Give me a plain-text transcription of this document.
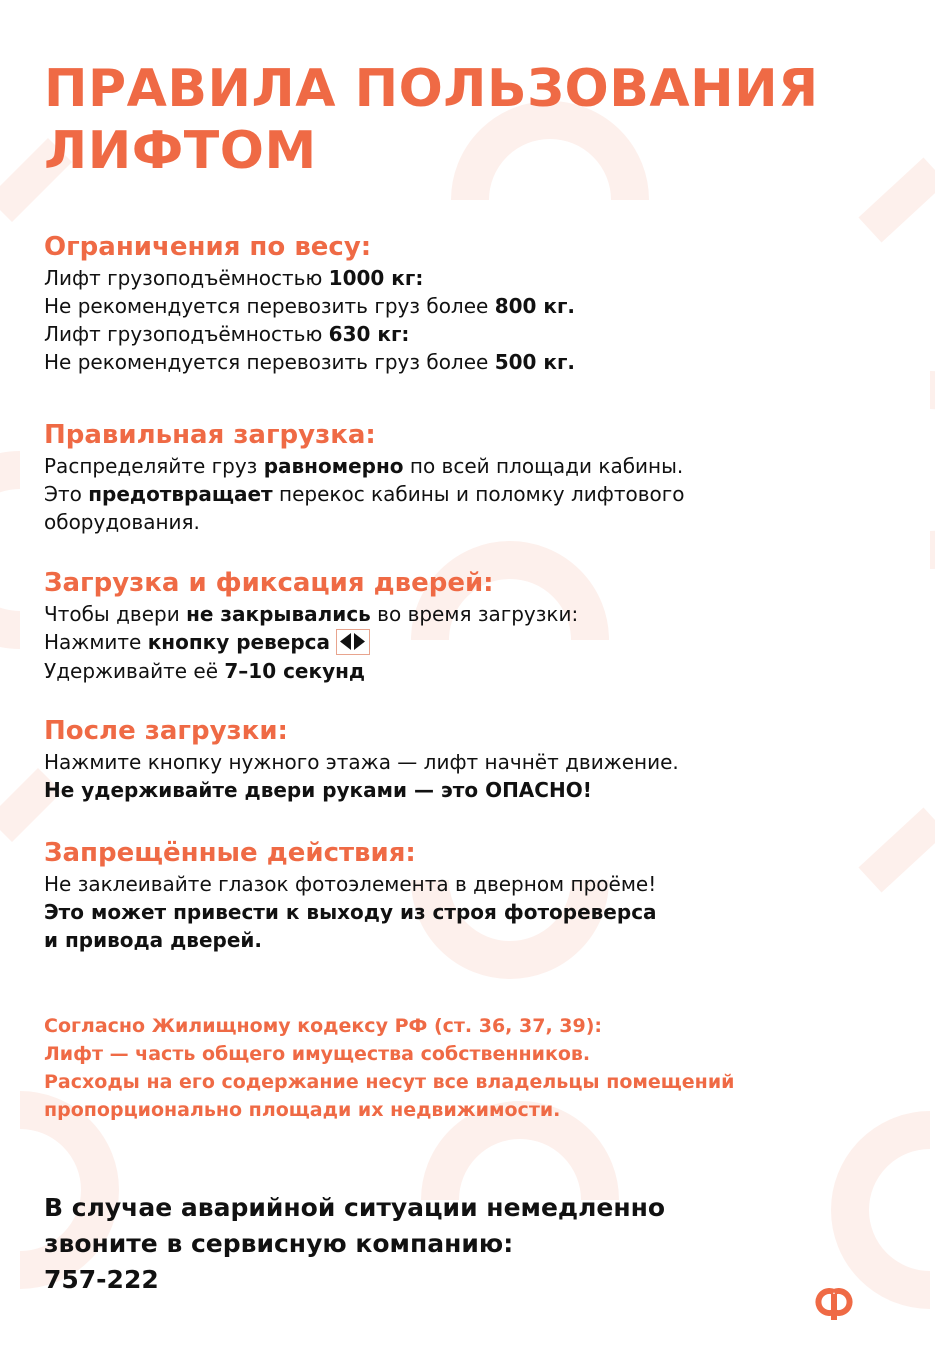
ПРАВИЛА ПОЛЬЗОВАНИЯ
ЛИФТОМ

Ограничения по весу:

Лифт грузоподъёмностью 1000 кг:

Не рекомендуется перевозить груз более 800 кг.

Лифт грузоподъёмностью 630 кг:

Не рекомендуется перевозить груз более 500 кг.

Правильная загрузка:

Распределяйте груз равномерно по всей площади кабины.

Это предотвращает перекос кабины и поломку лифтового

оборудования.

Загрузка и фиксация дверей:

Чтобы двери не закрывались во время загрузки:

Нажмите кнопку реверса

Удерживайте её 7–10 секунд

После загрузки:

Нажмите кнопку нужного этажа — лифт начнёт движение.

Не удерживайте двери руками — это ОПАСНО!

Запрещённые действия:

Не заклеивайте глазок фотоэлемента в дверном проёме!

Это может привести к выходу из строя фотореверса

и привода дверей.

Согласно Жилищному кодексу РФ (ст. 36, 37, 39):

Лифт — часть общего имущества собственников.

Расходы на его содержание несут все владельцы помещений

пропорционально площади их недвижимости.

В случае аварийной ситуации немедленно

звоните в сервисную компанию:

757-222
